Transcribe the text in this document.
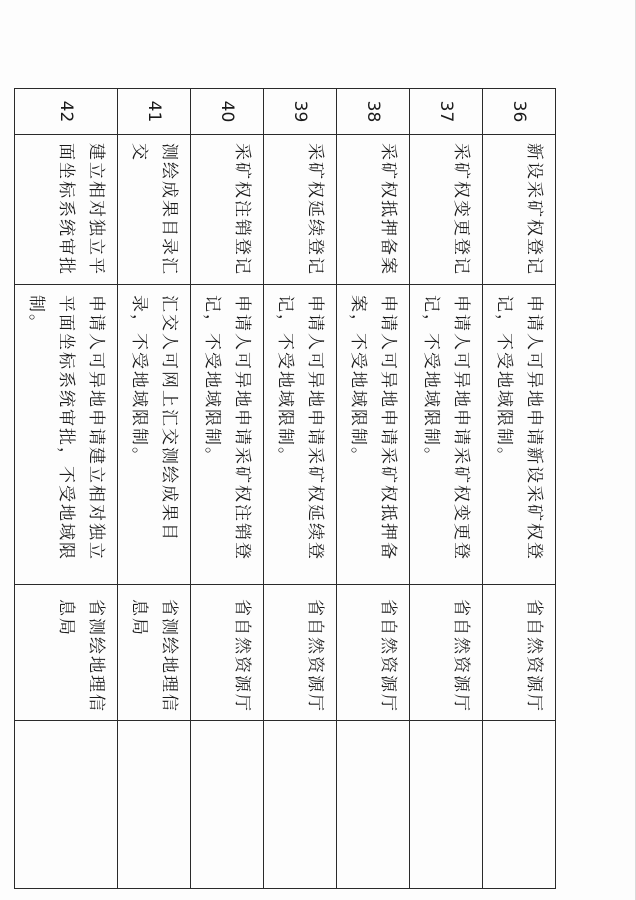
36	新设采矿权登记	申请人可异地申请新设采矿权登记，不受地域限制。	省自然资源厅	
37	采矿权变更登记	申请人可异地申请采矿权变更登记，不受地域限制。	省自然资源厅	
38	采矿权抵押备案	申请人可异地申请采矿权抵押备案，不受地域限制。	省自然资源厅	
39	采矿权延续登记	申请人可异地申请采矿权延续登记，不受地域限制。	省自然资源厅	
40	采矿权注销登记	申请人可异地申请采矿权注销登记，不受地域限制。	省自然资源厅	
41	测绘成果目录汇交	汇交人可网上汇交测绘成果目录，不受地域限制。	省测绘地理信息局	
42	建立相对独立平面坐标系统审批	申请人可异地申请建立相对独立平面坐标系统审批，不受地域限制。	省测绘地理信息局	
